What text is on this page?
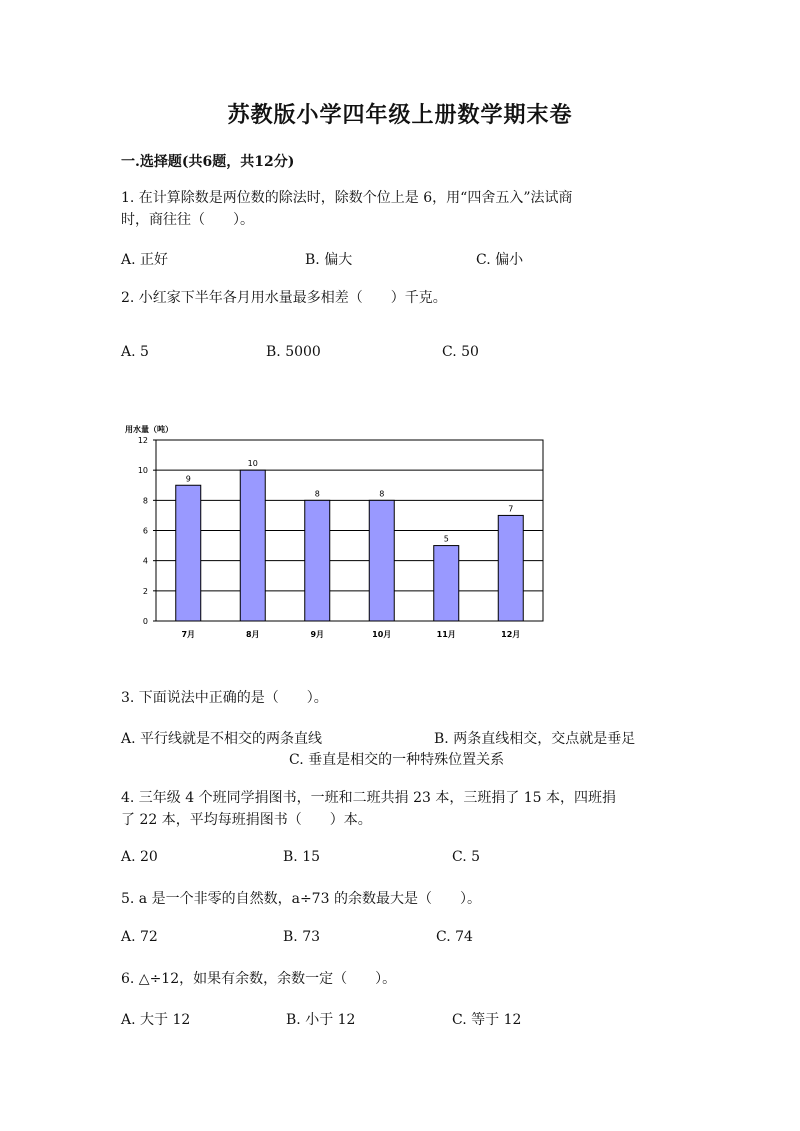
苏教版小学四年级上册数学期末卷
一.选择题(共6题，共12分)
1. 在计算除数是两位数的除法时，除数个位上是 6，用“四舍五入”法试商
时，商往往（　　）。
A. 正好	B. 偏大	C. 偏小
2. 小红家下半年各月用水量最多相差（　　）千克。
A. 5	B. 5000	C. 50
用水量（吨）
0
2
4
6
8
10
12
9
7月
10
8月
8
9月
8
10月
5
11月
7
12月
3. 下面说法中正确的是（　　）。
A. 平行线就是不相交的两条直线	B. 两条直线相交，交点就是垂足
C. 垂直是相交的一种特殊位置关系
4. 三年级 4 个班同学捐图书，一班和二班共捐 23 本，三班捐了 15 本，四班捐
了 22 本，平均每班捐图书（　　）本。
A. 20	B. 15	C. 5
5. a 是一个非零的自然数，a÷73 的余数最大是（　　）。
A. 72	B. 73	C. 74
6. △÷12，如果有余数，余数一定（　　）。
A. 大于 12	B. 小于 12	C. 等于 12
